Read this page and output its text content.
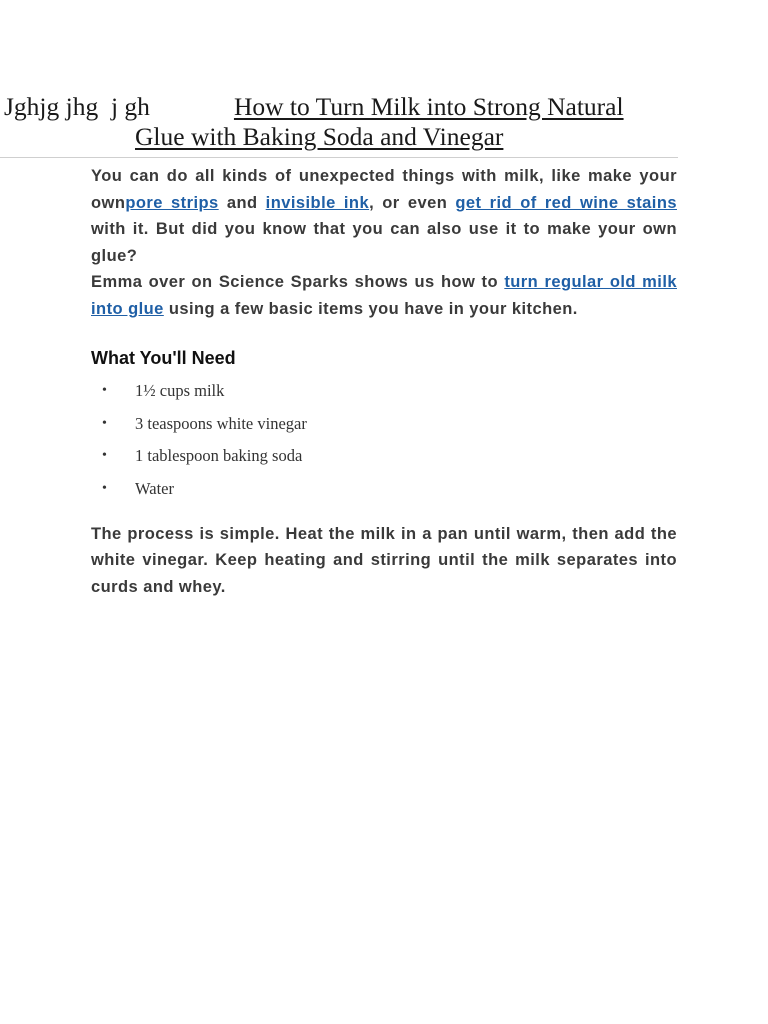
Jghjg jhg  j gh	How to Turn Milk into Strong Natural
Glue with Baking Soda and Vinegar

You can do all kinds of unexpected things with milk, like make your ownpore strips and invisible ink, or even get rid of red wine stains with it. But did you know that you can also use it to make your own glue?
Emma over on Science Sparks shows us how to turn regular old milk into glue using a few basic items you have in your kitchen.

What You'll Need
• 1½ cups milk
• 3 teaspoons white vinegar
• 1 tablespoon baking soda
• Water

The process is simple. Heat the milk in a pan until warm, then add the white vinegar. Keep heating and stirring until the milk separates into curds and whey.
